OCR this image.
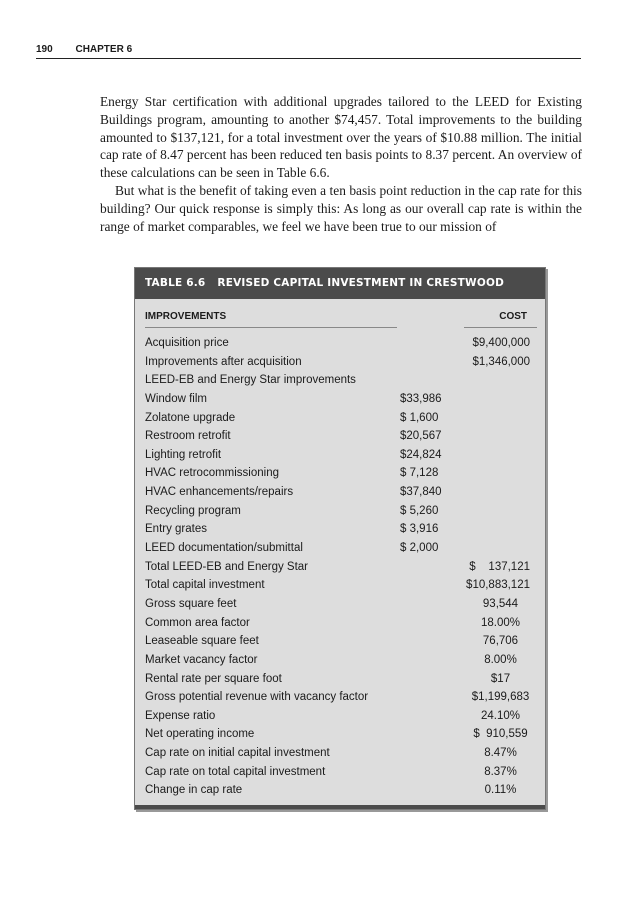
190 CHAPTER 6

Energy Star certification with additional upgrades tailored to the LEED for Existing Buildings program, amounting to another $74,457. Total improvements to the building amounted to $137,121, for a total investment over the years of $10.88 million. The initial cap rate of 8.47 percent has been reduced ten basis points to 8.37 percent. An overview of these calculations can be seen in Table 6.6.

But what is the benefit of taking even a ten basis point reduction in the cap rate for this building? Our quick response is simply this: As long as our overall cap rate is within the range of market comparables, we feel we have been true to our mission of

TABLE 6.6 REVISED CAPITAL INVESTMENT IN CRESTWOOD
IMPROVEMENTS	COST
Acquisition price	$9,400,000
Improvements after acquisition	$1,346,000
LEED-EB and Energy Star improvements
Window film	$33,986
Zolatone upgrade	$ 1,600
Restroom retrofit	$20,567
Lighting retrofit	$24,824
HVAC retrocommissioning	$ 7,128
HVAC enhancements/repairs	$37,840
Recycling program	$ 5,260
Entry grates	$ 3,916
LEED documentation/submittal	$ 2,000
Total LEED-EB and Energy Star	$    137,121
Total capital investment	$10,883,121
Gross square feet	93,544
Common area factor	18.00%
Leaseable square feet	76,706
Market vacancy factor	8.00%
Rental rate per square foot	$17
Gross potential revenue with vacancy factor	$1,199,683
Expense ratio	24.10%
Net operating income	$  910,559
Cap rate on initial capital investment	8.47%
Cap rate on total capital investment	8.37%
Change in cap rate	0.11%
